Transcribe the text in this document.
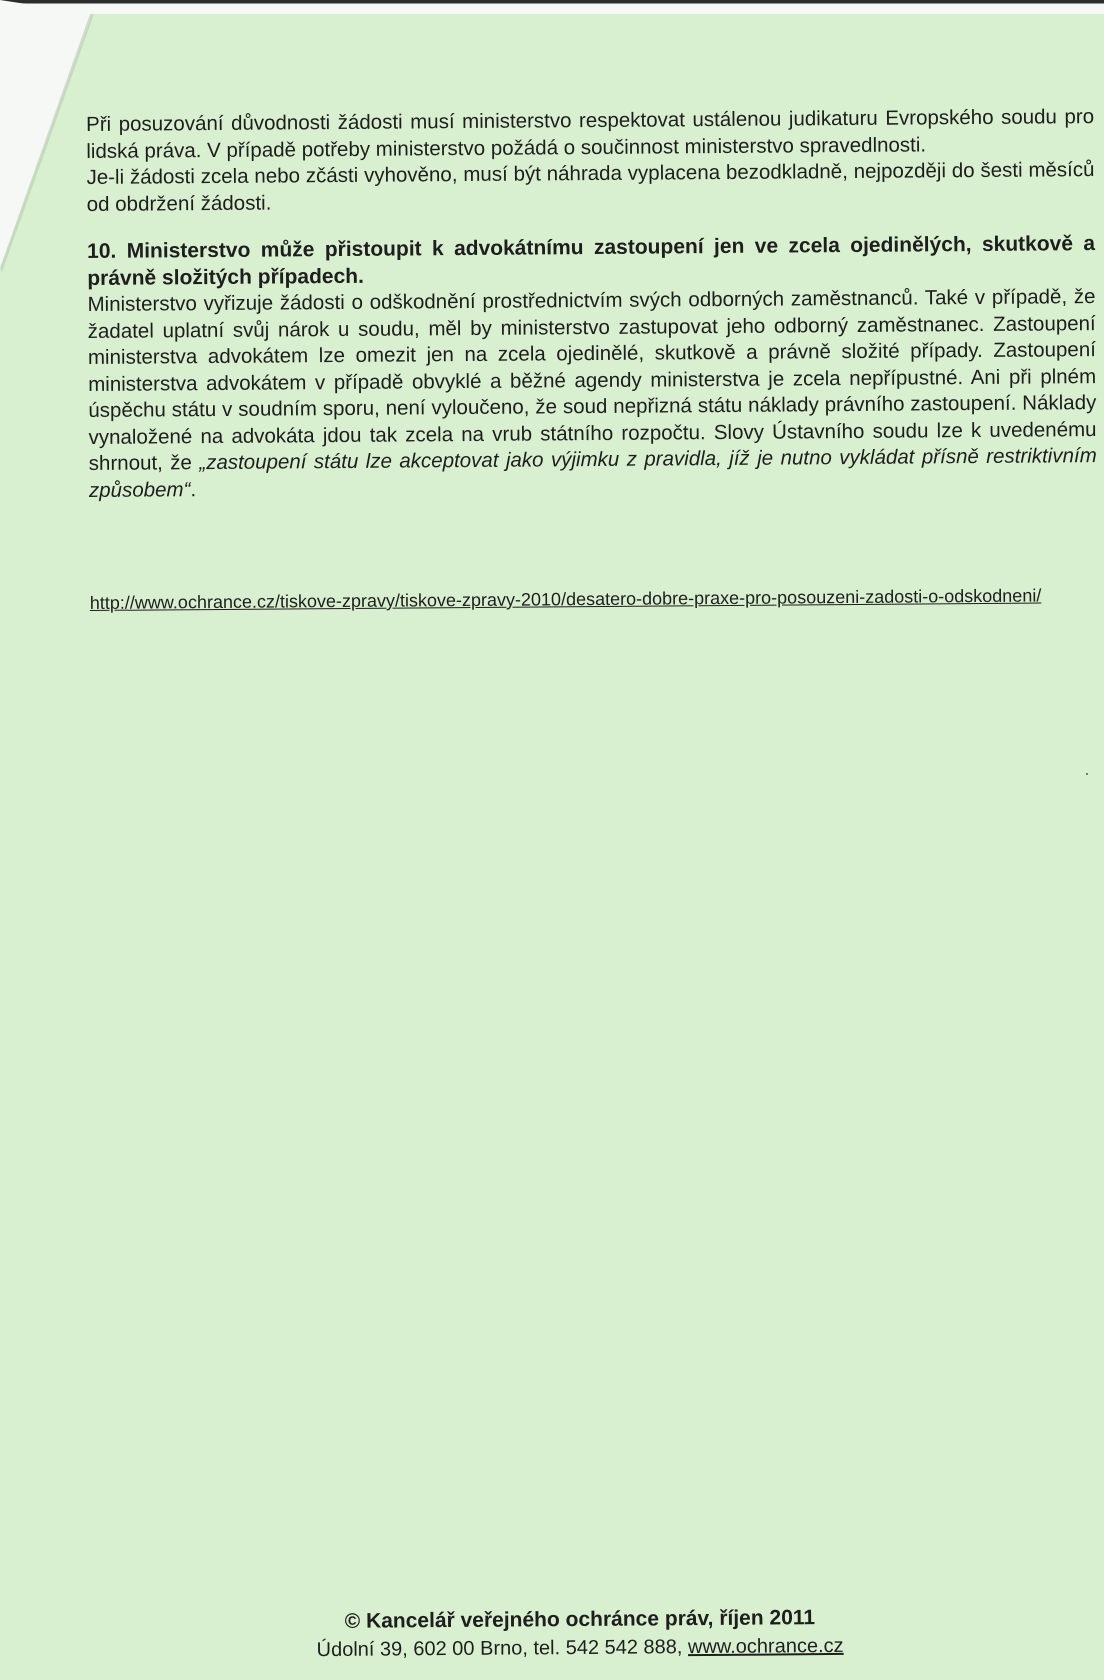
Při posuzování důvodnosti žádosti musí ministerstvo respektovat ustálenou judikaturu Evropského soudu pro lidská práva. V případě potřeby ministerstvo požádá o součinnost ministerstvo spravedlnosti.

Je-li žádosti zcela nebo zčásti vyhověno, musí být náhrada vyplacena bezodkladně, nejpozději do šesti měsíců od obdržení žádosti.

10. Ministerstvo může přistoupit k advokátnímu zastoupení jen ve zcela ojedinělých, skutkově a právně složitých případech.

Ministerstvo vyřizuje žádosti o odškodnění prostřednictvím svých odborných zaměstnanců. Také v případě, že žadatel uplatní svůj nárok u soudu, měl by ministerstvo zastupovat jeho odborný zaměstnanec. Zastoupení ministerstva advokátem lze omezit jen na zcela ojedinělé, skutkově a právně složité případy. Zastoupení ministerstva advokátem v případě obvyklé a běžné agendy ministerstva je zcela nepřípustné. Ani při plném úspěchu státu v soudním sporu, není vyloučeno, že soud nepřizná státu náklady právního zastoupení. Náklady vynaložené na advokáta jdou tak zcela na vrub státního rozpočtu. Slovy Ústavního soudu lze k uvedenému shrnout, že „zastoupení státu lze akceptovat jako výjimku z pravidla, jíž je nutno vykládat přísně restriktivním způsobem“.

http://www.ochrance.cz/tiskove-zpravy/tiskove-zpravy-2010/desatero-dobre-praxe-pro-posouzeni-zadosti-o-odskodneni/

© Kancelář veřejného ochránce práv, říjen 2011
Údolní 39, 602 00 Brno, tel. 542 542 888, www.ochrance.cz
